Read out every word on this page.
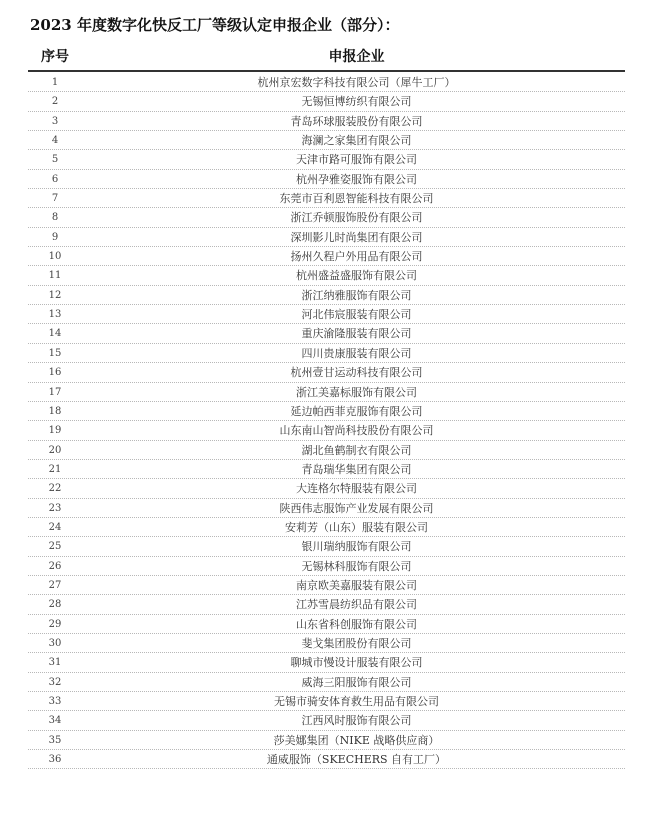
2023 年度数字化快反工厂等级认定申报企业（部分）：
序号	申报企业
1	杭州京宏数字科技有限公司（犀牛工厂）
2	无锡恒博纺织有限公司
3	青岛环球服装股份有限公司
4	海澜之家集团有限公司
5	天津市路可服饰有限公司
6	杭州孕雅姿服饰有限公司
7	东莞市百利恩智能科技有限公司
8	浙江乔顿服饰股份有限公司
9	深圳影儿时尚集团有限公司
10	扬州久程户外用品有限公司
11	杭州盛益盛服饰有限公司
12	浙江纳雅服饰有限公司
13	河北伟宸服装有限公司
14	重庆渝隆服装有限公司
15	四川贵康服装有限公司
16	杭州壹甘运动科技有限公司
17	浙江美嘉标服饰有限公司
18	延边帕西菲克服饰有限公司
19	山东南山智尚科技股份有限公司
20	湖北鱼鹤制衣有限公司
21	青岛瑞华集团有限公司
22	大连格尔特服装有限公司
23	陕西伟志服饰产业发展有限公司
24	安莉芳（山东）服装有限公司
25	银川瑞纳服饰有限公司
26	无锡林科服饰有限公司
27	南京欧美嘉服装有限公司
28	江苏雪晨纺织品有限公司
29	山东省科创服饰有限公司
30	斐戈集团股份有限公司
31	聊城市慢设计服装有限公司
32	威海三阳服饰有限公司
33	无锡市骑安体育救生用品有限公司
34	江西风时服饰有限公司
35	莎美娜集团（NIKE 战略供应商）
36	通威服饰（SKECHERS 自有工厂）
